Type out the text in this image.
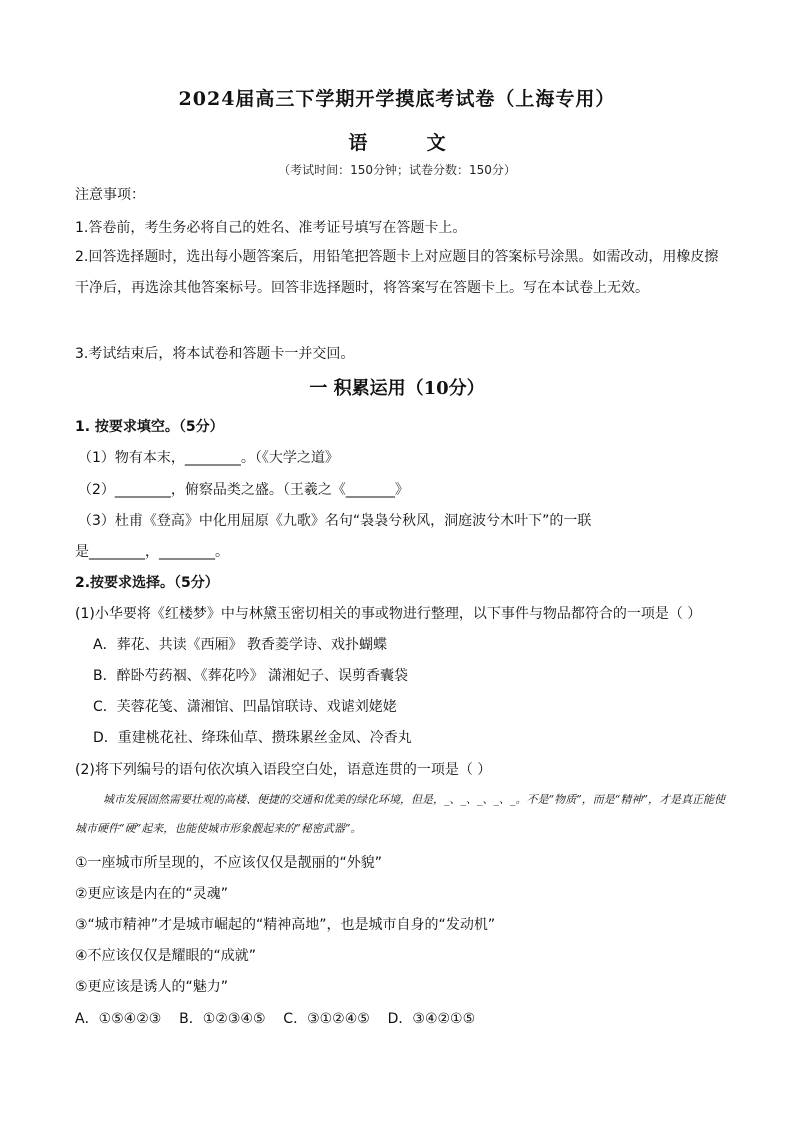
2024届高三下学期开学摸底考试卷（上海专用）
语	文
（考试时间：150分钟；试卷分数：150分）
注意事项：
1.答卷前，考生务必将自己的姓名、准考证号填写在答题卡上。
2.回答选择题时，选出每小题答案后，用铅笔把答题卡上对应题目的答案标号涂黑。如需改动，用橡皮擦干净后，再选涂其他答案标号。回答非选择题时，将答案写在答题卡上。写在本试卷上无效。
3.考试结束后，将本试卷和答题卡一并交回。
一 积累运用（10分）
1. 按要求填空。（5分）
（1）物有本末，________。（《大学之道》
（2）________，俯察品类之盛。（王羲之《_______》
（3）杜甫《登高》中化用屈原《九歌》名句“袅袅兮秋风，洞庭波兮木叶下”的一联
是________，________。
2.按要求选择。（5分）
(1)小华要将《红楼梦》中与林黛玉密切相关的事或物进行整理，以下事件与物品都符合的一项是（ ）
A．葬花、共读《西厢》 教香菱学诗、戏扑蝴蝶
B．醉卧芍药裀、《葬花吟》 潇湘妃子、误剪香囊袋
C．芙蓉花笺、潇湘馆、凹晶馆联诗、戏谑刘姥姥
D．重建桃花社、绛珠仙草、攒珠累丝金凤、冷香丸
(2)将下列编号的语句依次填入语段空白处，语意连贯的一项是（ ）
城市发展固然需要壮观的高楼、便捷的交通和优美的绿化环境，但是，_、_、_、_、_。不是“物质”，而是“精神”，才是真正能使城市硬件“硬”起来，也能使城市形象靓起来的“秘密武器”。
①一座城市所呈现的，不应该仅仅是靓丽的“外貌”
②更应该是内在的“灵魂”
③“城市精神”才是城市崛起的“精神高地”，也是城市自身的“发动机”
④不应该仅仅是耀眼的“成就”
⑤更应该是诱人的“魅力”
A．①⑤④②③    B．①②③④⑤    C．③①②④⑤    D．③④②①⑤
